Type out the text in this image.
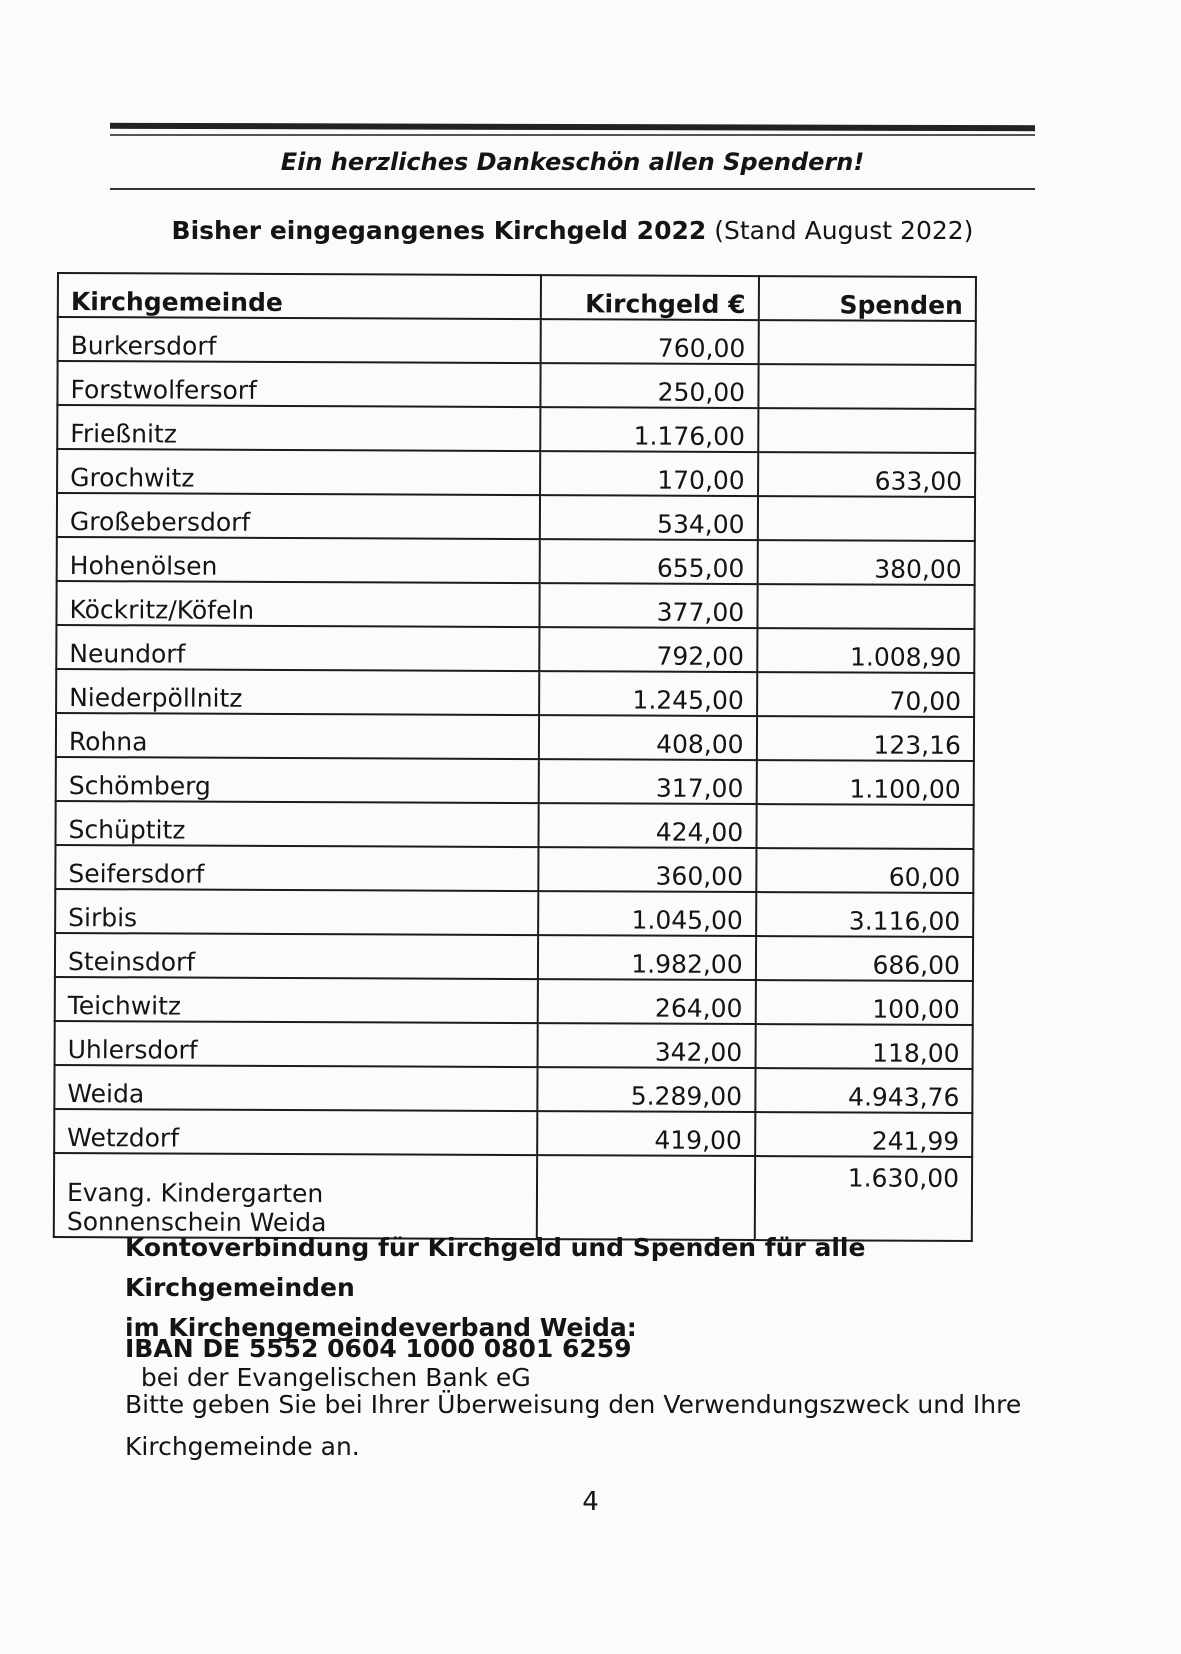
Ein herzliches Dankeschön allen Spendern!
Bisher eingegangenes Kirchgeld 2022 (Stand August 2022)
Kirchgemeinde	Kirchgeld €	Spenden
Burkersdorf	760,00	
Forstwolfersorf	250,00	
Frießnitz	1.176,00	
Grochwitz	170,00	633,00
Großebersdorf	534,00	
Hohenölsen	655,00	380,00
Köckritz/Köfeln	377,00	
Neundorf	792,00	1.008,90
Niederpöllnitz	1.245,00	70,00
Rohna	408,00	123,16
Schömberg	317,00	1.100,00
Schüptitz	424,00	
Seifersdorf	360,00	60,00
Sirbis	1.045,00	3.116,00
Steinsdorf	1.982,00	686,00
Teichwitz	264,00	100,00
Uhlersdorf	342,00	118,00
Weida	5.289,00	4.943,76
Wetzdorf	419,00	241,99

Evang. Kindergarten
Sonnenschein Weida		1.630,00
Kontoverbindung für Kirchgeld und Spenden für alle Kirchgemeinden
im Kirchengemeindeverband Weida:
IBAN DE 5552 0604 1000 0801 6259  bei der Evangelischen Bank eG
Bitte geben Sie bei Ihrer Überweisung den Verwendungszweck und Ihre
Kirchgemeinde an.
4
